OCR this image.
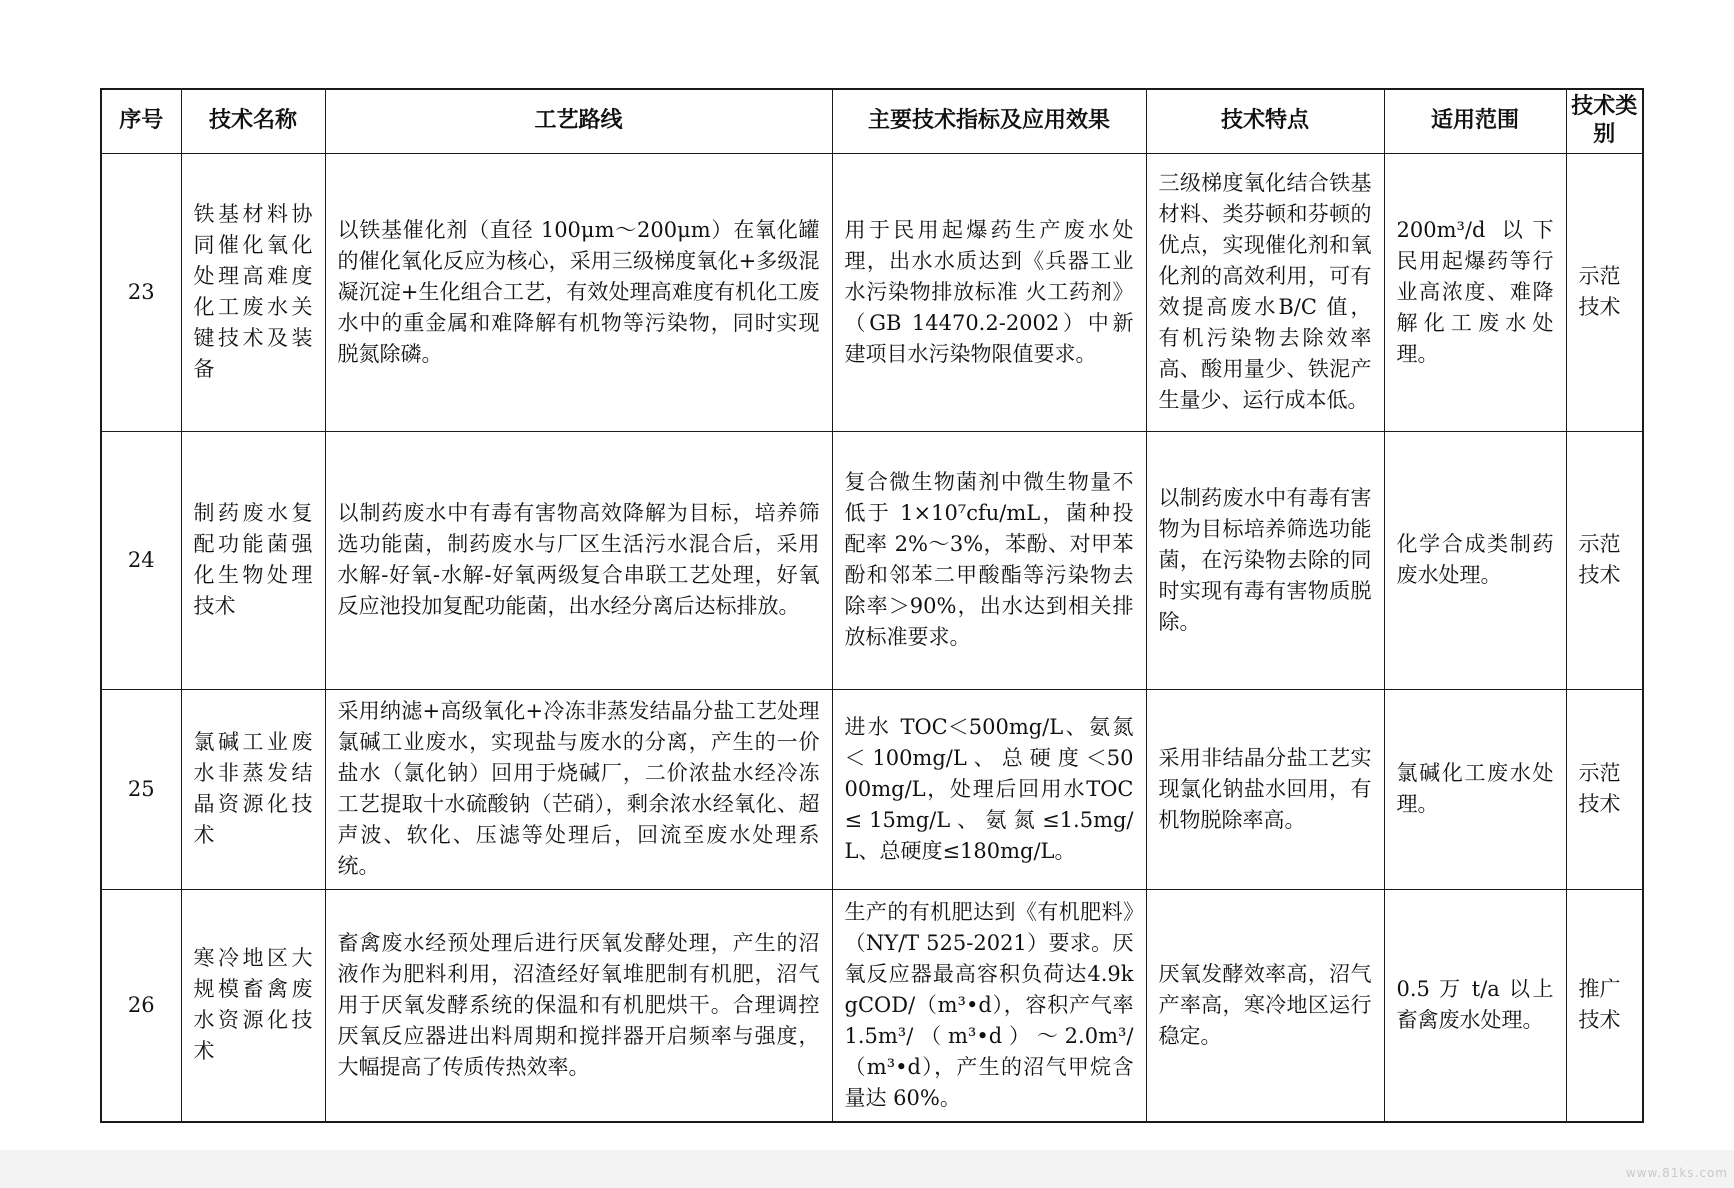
序号	技术名称	工艺路线	主要技术指标及应用效果	技术特点	适用范围	技术类别
23	铁基材料协同催化氧化处理高难度化工废水关键技术及装备	以铁基催化剂（直径 100μm～200μm）在氧化罐的催化氧化反应为核心，采用三级梯度氧化+多级混凝沉淀+生化组合工艺，有效处理高难度有机化工废水中的重金属和难降解有机物等污染物，同时实现脱氮除磷。	用于民用起爆药生产废水处理，出水水质达到《兵器工业水污染物排放标准 火工药剂》（GB 14470.2-2002）中新建项目水污染物限值要求。	三级梯度氧化结合铁基材料、类芬顿和芬顿的优点，实现催化剂和氧化剂的高效利用，可有效提高废水B/C 值，有机污染物去除效率高、酸用量少、铁泥产生量少、运行成本低。	200m³/d 以下民用起爆药等行业高浓度、难降解化工废水处理。	示范技术
24	制药废水复配功能菌强化生物处理技术	以制药废水中有毒有害物高效降解为目标，培养筛选功能菌，制药废水与厂区生活污水混合后，采用水解-好氧-水解-好氧两级复合串联工艺处理，好氧反应池投加复配功能菌，出水经分离后达标排放。	复合微生物菌剂中微生物量不低于 1×10⁷cfu/mL，菌种投配率 2%～3%，苯酚、对甲苯酚和邻苯二甲酸酯等污染物去除率＞90%，出水达到相关排放标准要求。	以制药废水中有毒有害物为目标培养筛选功能菌，在污染物去除的同时实现有毒有害物质脱除。	化学合成类制药废水处理。	示范技术
25	氯碱工业废水非蒸发结晶资源化技术	采用纳滤+高级氧化+冷冻非蒸发结晶分盐工艺处理氯碱工业废水，实现盐与废水的分离，产生的一价盐水（氯化钠）回用于烧碱厂，二价浓盐水经冷冻工艺提取十水硫酸钠（芒硝），剩余浓水经氧化、超声波、软化、压滤等处理后，回流至废水处理系统。	进水 TOC＜500mg/L、氨氮＜ 100mg/L 、 总 硬 度 ＜5000mg/L，处理后回用水TOC ≤ 15mg/L 、 氨 氮 ≤1.5mg/L、总硬度≤180mg/L。	采用非结晶分盐工艺实现氯化钠盐水回用，有机物脱除率高。	氯碱化工废水处理。	示范技术
26	寒冷地区大规模畜禽废水资源化技术	畜禽废水经预处理后进行厌氧发酵处理，产生的沼液作为肥料利用，沼渣经好氧堆肥制有机肥，沼气用于厌氧发酵系统的保温和有机肥烘干。合理调控厌氧反应器进出料周期和搅拌器开启频率与强度，大幅提高了传质传热效率。	生产的有机肥达到《有机肥料》（NY/T 525-2021）要求。厌氧反应器最高容积负荷达4.9kgCOD/（m³•d），容积产气率 1.5m³/（m³•d）～2.0m³/（m³•d），产生的沼气甲烷含量达 60%。	厌氧发酵效率高，沼气产率高，寒冷地区运行稳定。	0.5 万 t/a 以上畜禽废水处理。	推广技术
www.81ks.com
